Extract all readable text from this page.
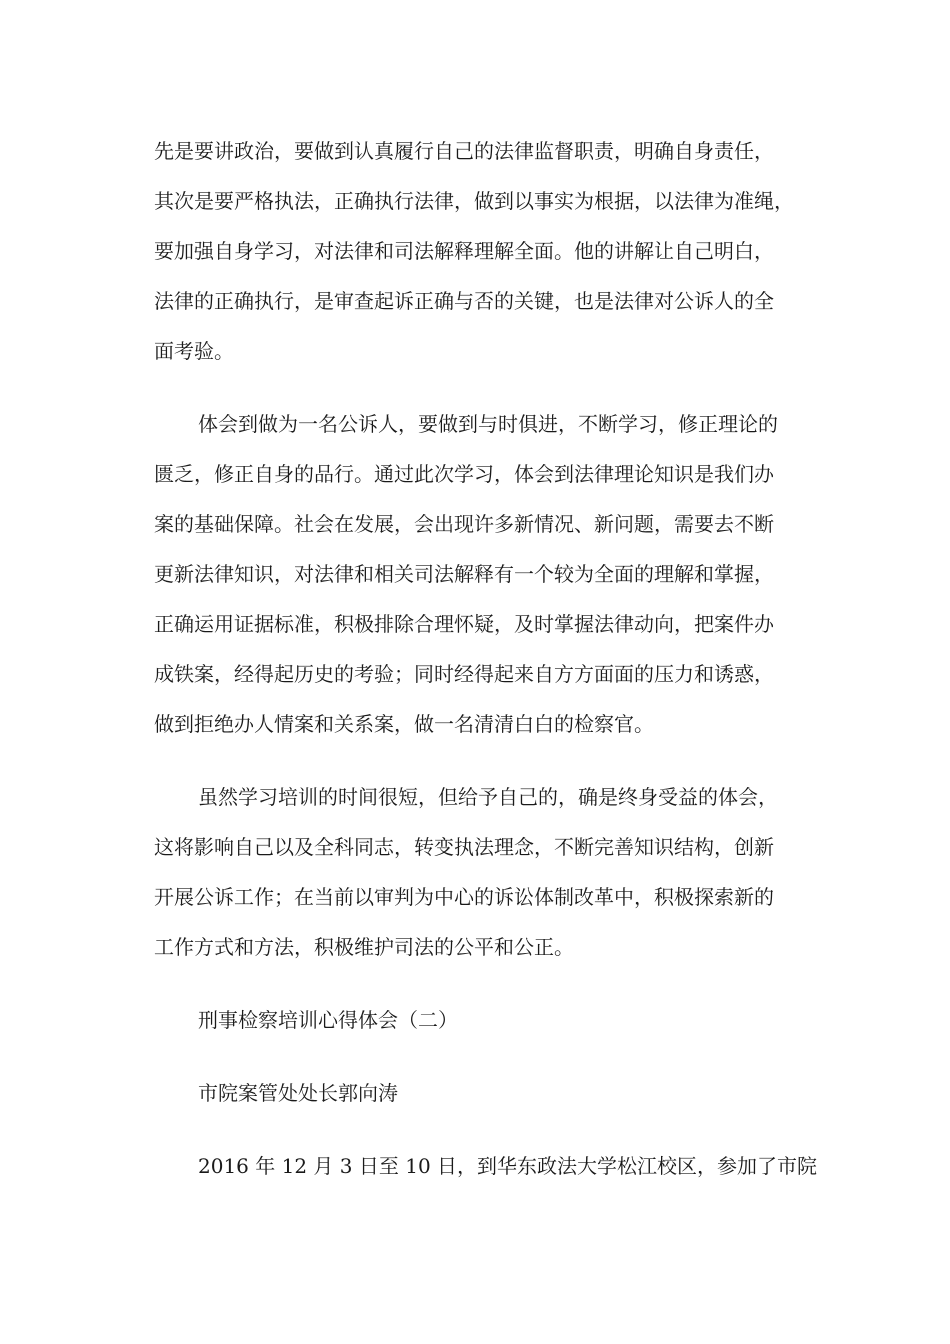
先是要讲政治，要做到认真履行自己的法律监督职责，明确自身责任，
其次是要严格执法，正确执行法律，做到以事实为根据，以法律为准绳，
要加强自身学习，对法律和司法解释理解全面。他的讲解让自己明白，
法律的正确执行，是审查起诉正确与否的关键，也是法律对公诉人的全
面考验。
体会到做为一名公诉人，要做到与时俱进，不断学习，修正理论的
匮乏，修正自身的品行。通过此次学习，体会到法律理论知识是我们办
案的基础保障。社会在发展，会出现许多新情况、新问题，需要去不断
更新法律知识，对法律和相关司法解释有一个较为全面的理解和掌握，
正确运用证据标准，积极排除合理怀疑，及时掌握法律动向，把案件办
成铁案，经得起历史的考验；同时经得起来自方方面面的压力和诱惑，
做到拒绝办人情案和关系案，做一名清清白白的检察官。
虽然学习培训的时间很短，但给予自己的，确是终身受益的体会，
这将影响自己以及全科同志，转变执法理念，不断完善知识结构，创新
开展公诉工作；在当前以审判为中心的诉讼体制改革中，积极探索新的
工作方式和方法，积极维护司法的公平和公正。
刑事检察培训心得体会（二）
市院案管处处长郭向涛
2016 年 12 月 3 日至 10 日，到华东政法大学松江校区，参加了市院
